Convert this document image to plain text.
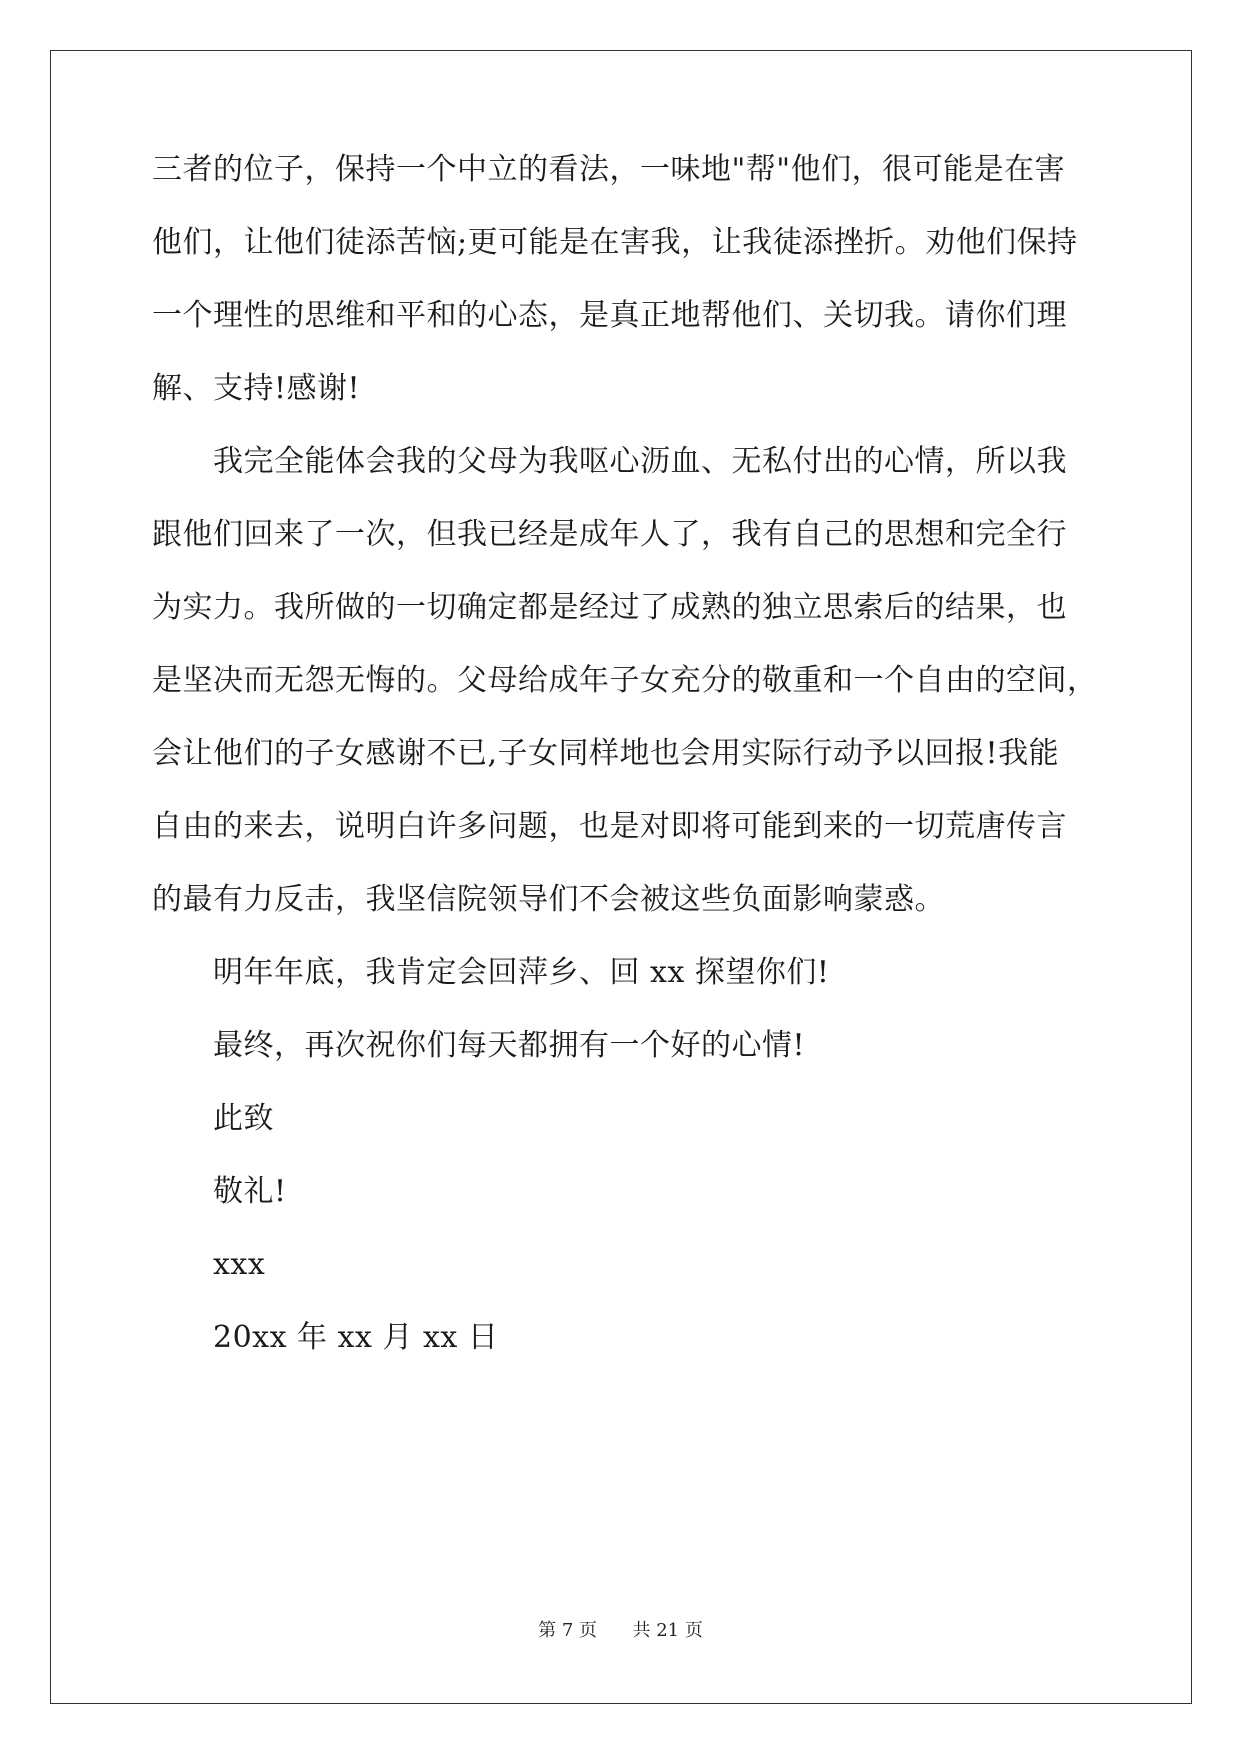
三者的位子，保持一个中立的看法，一味地"帮"他们，很可能是在害
他们，让他们徒添苦恼;更可能是在害我，让我徒添挫折。劝他们保持
一个理性的思维和平和的心态，是真正地帮他们、关切我。请你们理
解、支持!感谢!
我完全能体会我的父母为我呕心沥血、无私付出的心情，所以我
跟他们回来了一次，但我已经是成年人了，我有自己的思想和完全行
为实力。我所做的一切确定都是经过了成熟的独立思索后的结果，也
是坚决而无怨无悔的。父母给成年子女充分的敬重和一个自由的空间，
会让他们的子女感谢不已,子女同样地也会用实际行动予以回报!我能
自由的来去，说明白许多问题，也是对即将可能到来的一切荒唐传言
的最有力反击，我坚信院领导们不会被这些负面影响蒙惑。
明年年底，我肯定会回萍乡、回 xx 探望你们!
最终，再次祝你们每天都拥有一个好的心情!
此致
敬礼!
xxx
20xx 年 xx 月 xx 日
第 7 页 共 21 页
